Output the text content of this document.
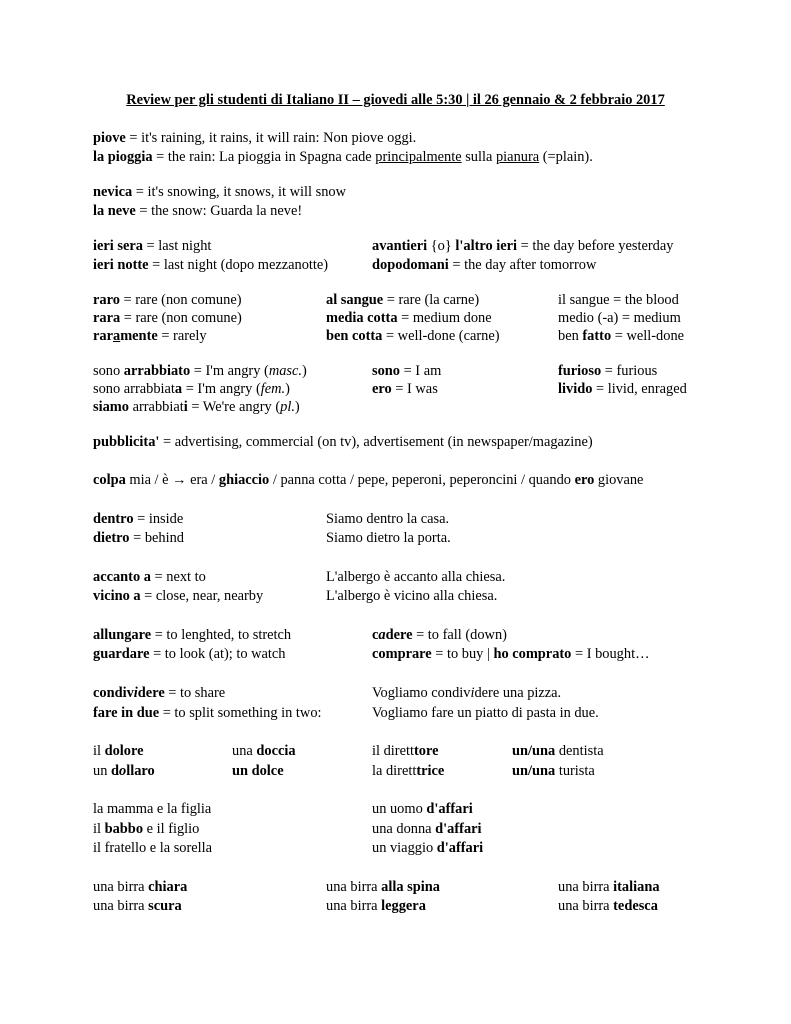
Review per gli studenti di Italiano II – giovedi alle 5:30 | il 26 gennaio & 2 febbraio 2017
piove = it's raining, it rains, it will rain: Non piove oggi.
la pioggia = the rain: La pioggia in Spagna cade principalmente sulla pianura (=plain).
nevica = it's snowing, it snows, it will snow
la neve = the snow: Guarda la neve!
ieri sera = last night
ieri notte = last night (dopo mezzanotte)
avantieri {o} l'altro ieri = the day before yesterday
dopodomani = the day after tomorrow
raro = rare (non comune)
rara = rare (non comune)
raramente = rarely
al sangue = rare (la carne)
media cotta = medium done
ben cotta = well-done (carne)
il sangue = the blood
medio (-a) = medium
ben fatto = well-done
sono arrabbiato = I'm angry (masc.)
sono arrabbiata = I'm angry (fem.)
siamo arrabbiati = We're angry (pl.)
sono = I am
ero = I was
furioso = furious
livido = livid, enraged
pubblicita' = advertising, commercial (on tv), advertisement (in newspaper/magazine)
colpa mia / è → era / ghiaccio / panna cotta / pepe, peperoni, peperoncini / quando ero giovane
dentro = inside
dietro = behind
Siamo dentro la casa.
Siamo dietro la porta.
accanto a = next to
vicino a = close, near, nearby
L'albergo è accanto alla chiesa.
L'albergo è vicino alla chiesa.
allungare = to lenghted, to stretch
guardare = to look (at); to watch
cadere = to fall (down)
comprare = to buy | ho comprato = I bought…
condividere = to share
fare in due = to split something in two:
Vogliamo condividere una pizza.
Vogliamo fare un piatto di pasta in due.
il dolore
un dollaro
una doccia
un dolce
il diretttore
la diretttrice
un/una dentista
un/una turista
la mamma e la figlia
il babbo e il figlio
il fratello e la sorella
un uomo d'affari
una donna d'affari
un viaggio d'affari
una birra chiara
una birra scura
una birra alla spina
una birra leggera
una birra italiana
una birra tedesca
